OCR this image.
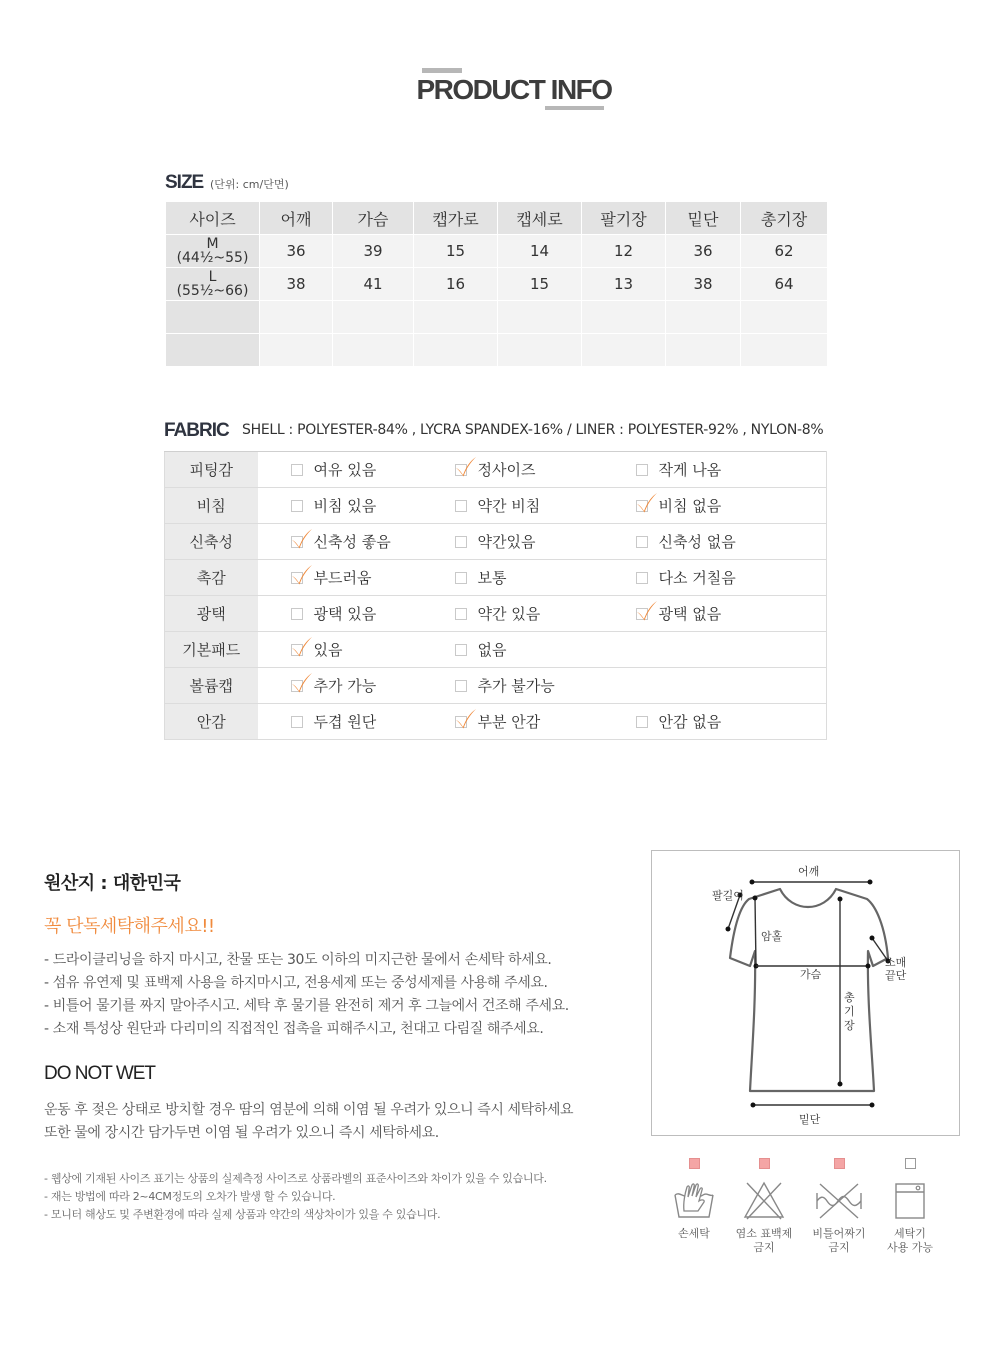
PRODUCT INFO
SIZE (단위: cm/단면)
사이즈	어깨	가슴	캡가로	캡세로	팔기장	밑단	총기장

M
(44½~55)	36	39	15	14	12	36	62

L
(55½~66)	38	41	16	15	13	38	64

FABRIC SHELL : POLYESTER-84% , LYCRA SPANDEX-16% / LINER : POLYESTER-92% , NYLON-8%
피팅감	여유 있음	정사이즈	작게 나옴

비침	비침 있음	약간 비침	비침 없음

신축성	신축성 좋음	약간있음	신축성 없음

촉감	부드러움	보통	다소 거칠음

광택	광택 있음	약간 있음	광택 없음

기본패드	있음	없음	

볼륨캡	추가 가능	추가 불가능	

안감	두겹 원단	부분 안감	안감 없음
원산지 : 대한민국
꼭 단독세탁해주세요!!
- 드라이클리닝을 하지 마시고, 찬물 또는 30도 이하의 미지근한 물에서 손세탁 하세요.
- 섬유 유연제 및 표백제 사용을 하지마시고, 전용세제 또는 중성세제를 사용해 주세요.
- 비틀어 물기를 짜지 말아주시고. 세탁 후 물기를 완전히 제거 후 그늘에서 건조해 주세요.
- 소재 특성상 원단과 다리미의 직접적인 접촉을 피해주시고, 천대고 다림질 해주세요.
DO NOT WET

운동 후 젖은 상태로 방치할 경우 땀의 염분에 의해 이염 될 우려가 있으니 즉시 세탁하세요

또한 물에 장시간 담가두면 이염 될 우려가 있으니 즉시 세탁하세요.

- 웹상에 기재된 사이즈 표기는 상품의 실제측정 사이즈로 상품라벨의 표준사이즈와 차이가 있을 수 있습니다.
- 재는 방법에 따라 2~4CM정도의 오차가 발생 할 수 있습니다.
- 모니터 해상도 및 주변환경에 따라 실제 상품과 약간의 색상차이가 있을 수 있습니다.
어깨
팔길이
암홀
가슴
소매
끝단
총기장
밑단
손세탁	염소 표백제
금지
비틀어짜기
금지
세탁기
사용 가능
